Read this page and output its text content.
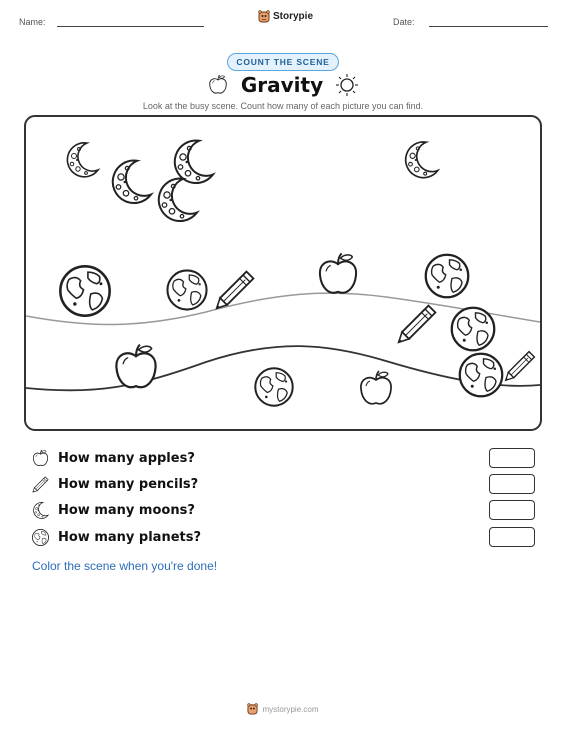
Name:	Storypie	Date:
COUNT THE SCENE
Gravity
Look at the busy scene. Count how many of each picture you can find.
How many apples?
How many pencils?
How many moons?
How many planets?
Color the scene when you're done!
mystorypie.com
